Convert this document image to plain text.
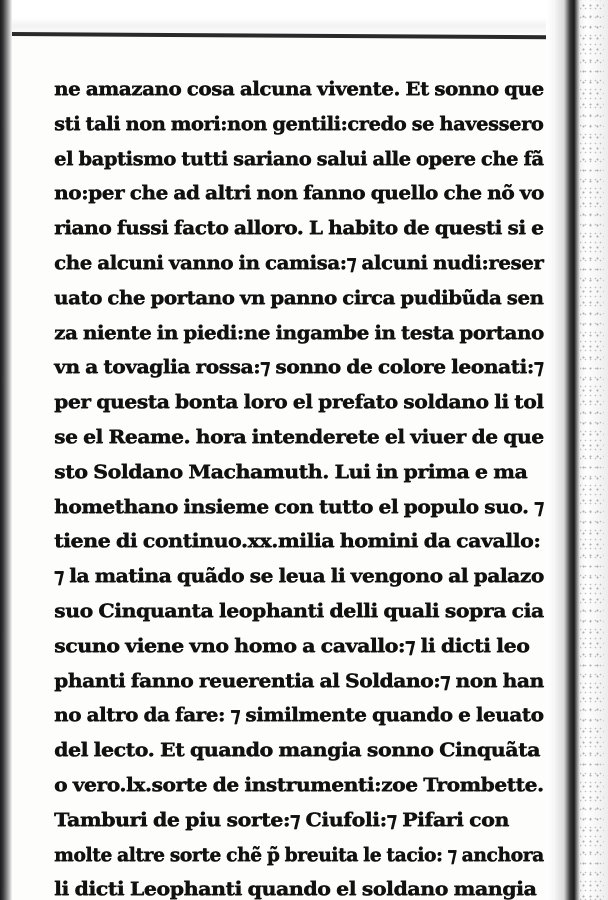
ne amazano cosa alcuna vivente. Et sonno que
sti tali non mori:non gentili:credo se havessero
el baptismo tutti sariano salui alle opere che fã
no:per che ad altri non fanno quello che nõ vo
riano fussi facto alloro. L habito de questi si e
che alcuni vanno in camisa:⁊ alcuni nudi:reser
uato che portano vn panno circa pudibũda sen
za niente in piedi:ne ingambe in testa portano
vn a tovaglia rossa:⁊ sonno de colore leonati:⁊
per questa bonta loro el prefato soldano li tol
se el Reame. hora intenderete el viuer de que
sto Soldano Machamuth. Lui in prima e ma
homethano insieme con tutto el populo suo. ⁊
tiene di continuo.xx.milia homini da cavallo:
⁊ la matina quãdo se leua li vengono al palazo
suo Cinquanta leophanti delli quali sopra cia
scuno viene vno homo a cavallo:⁊ li dicti leo
phanti fanno reuerentia al Soldano:⁊ non han
no altro da fare: ⁊ similmente quando e leuato
del lecto. Et quando mangia sonno Cinquãta
o vero.lx.sorte de instrumenti:zoe Trombette.
Tamburi de piu sorte:⁊ Ciufoli:⁊ Pifari con
molte altre sorte chẽ p̃ breuita le tacio: ⁊ anchora
li dicti Leophanti quando el soldano mangia
